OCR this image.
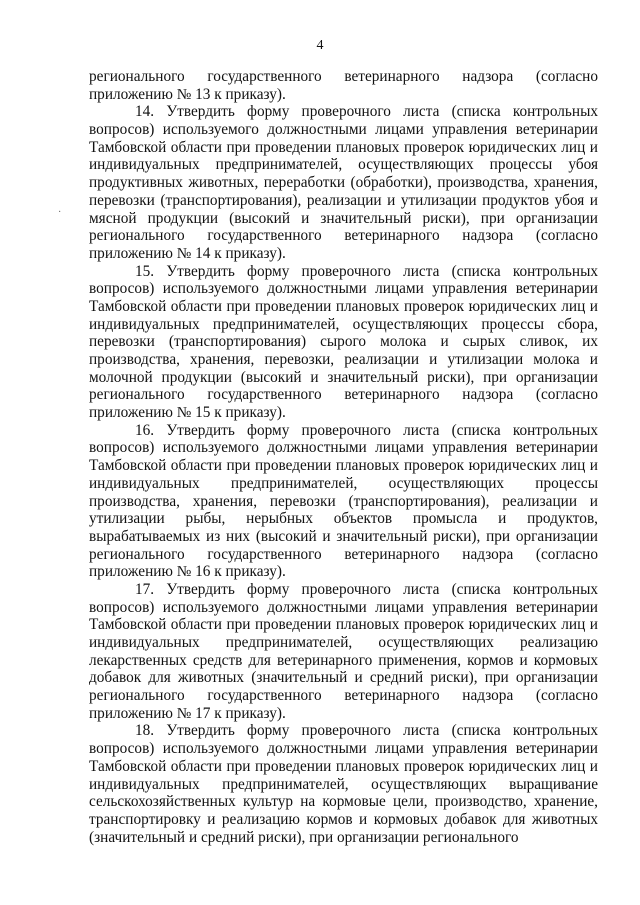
4
·

регионального государственного ветеринарного надзора (согласно приложению № 13 к приказу).

14. Утвердить форму проверочного листа (списка контрольных вопросов) используемого должностными лицами управления ветеринарии Тамбовской области при проведении плановых проверок юридических лиц и индивидуальных предпринимателей, осуществляющих процессы убоя продуктивных животных, переработки (обработки), производства, хранения, перевозки (транспортирования), реализации и утилизации продуктов убоя и мясной продукции (высокий и значительный риски), при организации регионального государственного ветеринарного надзора (согласно приложению № 14 к приказу).

15. Утвердить форму проверочного листа (списка контрольных вопросов) используемого должностными лицами управления ветеринарии Тамбовской области при проведении плановых проверок юридических лиц и индивидуальных предпринимателей, осуществляющих процессы сбора, перевозки (транспортирования) сырого молока и сырых сливок, их производства, хранения, перевозки, реализации и утилизации молока и молочной продукции (высокий и значительный риски), при организации регионального государственного ветеринарного надзора (согласно приложению № 15 к приказу).

16. Утвердить форму проверочного листа (списка контрольных вопросов) используемого должностными лицами управления ветеринарии Тамбовской области при проведении плановых проверок юридических лиц и индивидуальных предпринимателей, осуществляющих процессы производства, хранения, перевозки (транспортирования), реализации и утилизации рыбы, нерыбных объектов промысла и продуктов, вырабатываемых из них (высокий и значительный риски), при организации регионального государственного ветеринарного надзора (согласно приложению № 16 к приказу).

17. Утвердить форму проверочного листа (списка контрольных вопросов) используемого должностными лицами управления ветеринарии Тамбовской области при проведении плановых проверок юридических лиц и индивидуальных предпринимателей, осуществляющих реализацию лекарственных средств для ветеринарного применения, кормов и кормовых добавок для животных (значительный и средний риски), при организации регионального государственного ветеринарного надзора (согласно приложению № 17 к приказу).

18. Утвердить форму проверочного листа (списка контрольных вопросов) используемого должностными лицами управления ветеринарии Тамбовской области при проведении плановых проверок юридических лиц и индивидуальных предпринимателей, осуществляющих выращивание сельскохозяйственных культур на кормовые цели, производство, хранение, транспортировку и реализацию кормов и кормовых добавок для животных (значительный и средний риски), при организации регионального
